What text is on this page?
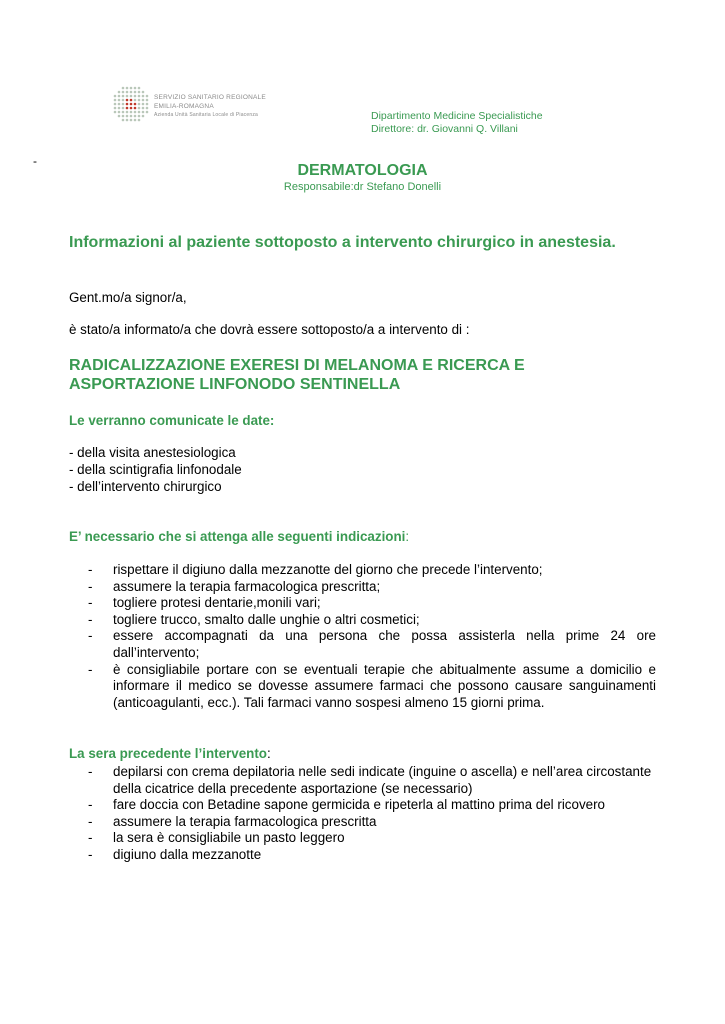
SERVIZIO SANITARIO REGIONALE
EMILIA-ROMAGNA
Azienda Unità Sanitaria Locale di Piacenza	Dipartimento Medicine Specialistiche
Direttore: dr. Giovanni Q. Villani
-
DERMATOLOGIA
Responsabile:dr Stefano Donelli
Informazioni al paziente sottoposto a intervento chirurgico in anestesia.
Gent.mo/a signor/a,
è stato/a informato/a che dovrà essere sottoposto/a a intervento di :
RADICALIZZAZIONE EXERESI DI MELANOMA E RICERCA E
ASPORTAZIONE LINFONODO SENTINELLA
Le verranno comunicate le date:
- della visita anestesiologica
- della scintigrafia linfonodale
- dell’intervento chirurgico
E’ necessario che si attenga alle seguenti indicazioni:
-	rispettare il digiuno dalla mezzanotte del giorno che precede l’intervento;
-	assumere la terapia farmacologica prescritta;
-	togliere protesi dentarie,monili vari;
-	togliere trucco, smalto dalle unghie o altri cosmetici;
-	essere accompagnati da una persona che possa assisterla nella prime 24 ore dall’intervento;
-	è consigliabile portare con se eventuali terapie che abitualmente assume a domicilio e informare il medico se dovesse assumere farmaci che possono causare sanguinamenti (anticoagulanti, ecc.). Tali farmaci vanno sospesi almeno 15 giorni prima.
La sera precedente l’intervento:
-	depilarsi con crema depilatoria nelle sedi indicate (inguine o ascella) e nell’area circostante della cicatrice della precedente asportazione (se necessario)
-	fare doccia con Betadine sapone germicida e ripeterla al mattino prima del ricovero
-	assumere la terapia farmacologica prescritta
-	la sera è consigliabile un pasto leggero
-	digiuno dalla mezzanotte
